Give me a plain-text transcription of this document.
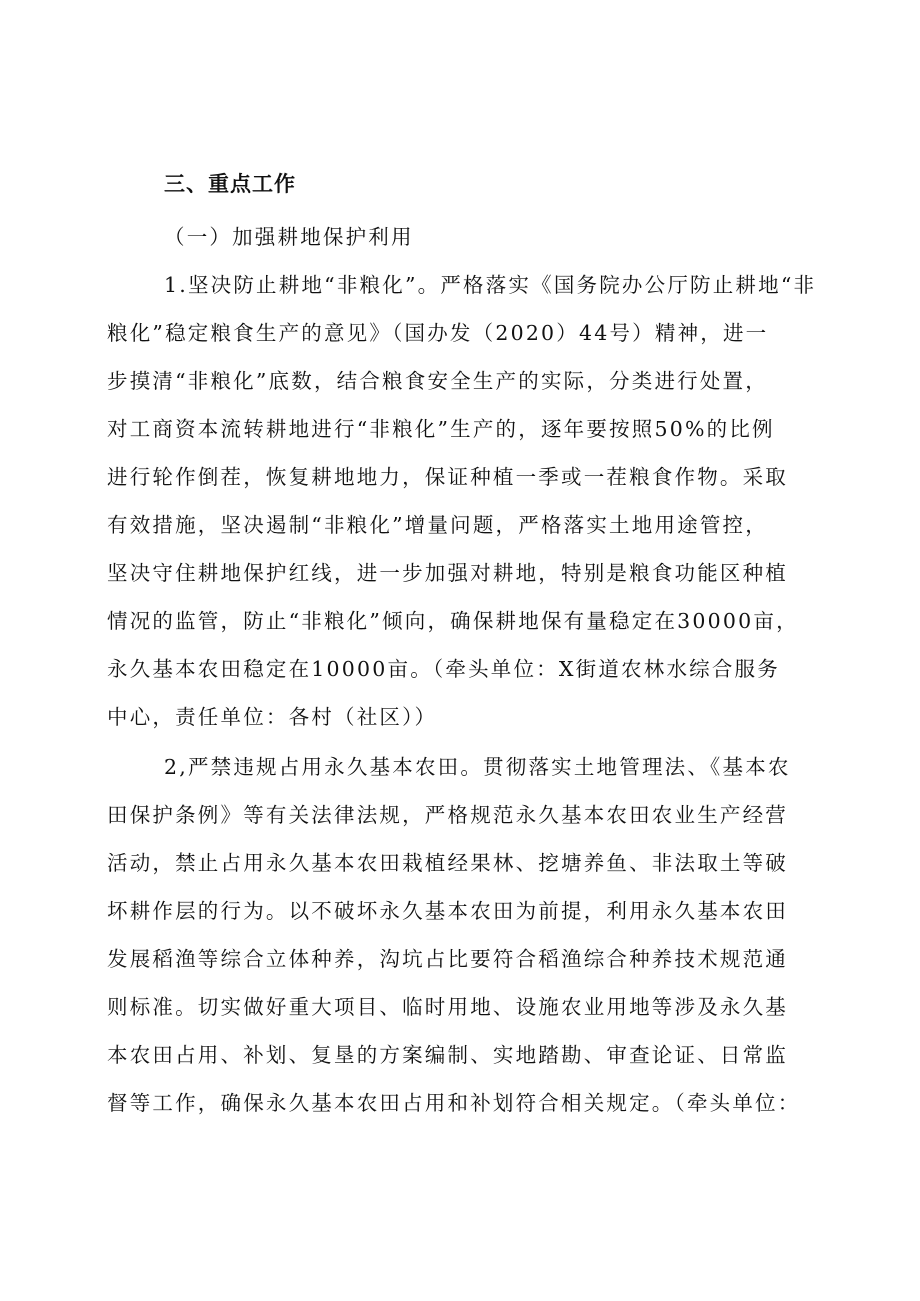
三、重点工作
（一）加强耕地保护利用
1.坚决防止耕地“非粮化”。严格落实《国务院办公厅防止耕地“非
粮化”稳定粮食生产的意见》（国办发（2020）44号）精神，进一
步摸清“非粮化”底数，结合粮食安全生产的实际，分类进行处置，
对工商资本流转耕地进行“非粮化”生产的，逐年要按照50%的比例
进行轮作倒茬，恢复耕地地力，保证种植一季或一茬粮食作物。采取
有效措施，坚决遏制“非粮化”增量问题，严格落实土地用途管控，
坚决守住耕地保护红线，进一步加强对耕地，特别是粮食功能区种植
情况的监管，防止“非粮化”倾向，确保耕地保有量稳定在30000亩，
永久基本农田稳定在10000亩。（牵头单位：X街道农林水综合服务
中心，责任单位：各村（社区））
2,严禁违规占用永久基本农田。贯彻落实土地管理法、《基本农
田保护条例》等有关法律法规，严格规范永久基本农田农业生产经营
活动，禁止占用永久基本农田栽植经果林、挖塘养鱼、非法取土等破
坏耕作层的行为。以不破坏永久基本农田为前提，利用永久基本农田
发展稻渔等综合立体种养，沟坑占比要符合稻渔综合种养技术规范通
则标准。切实做好重大项目、临时用地、设施农业用地等涉及永久基
本农田占用、补划、复垦的方案编制、实地踏勘、审查论证、日常监
督等工作，确保永久基本农田占用和补划符合相关规定。（牵头单位：
